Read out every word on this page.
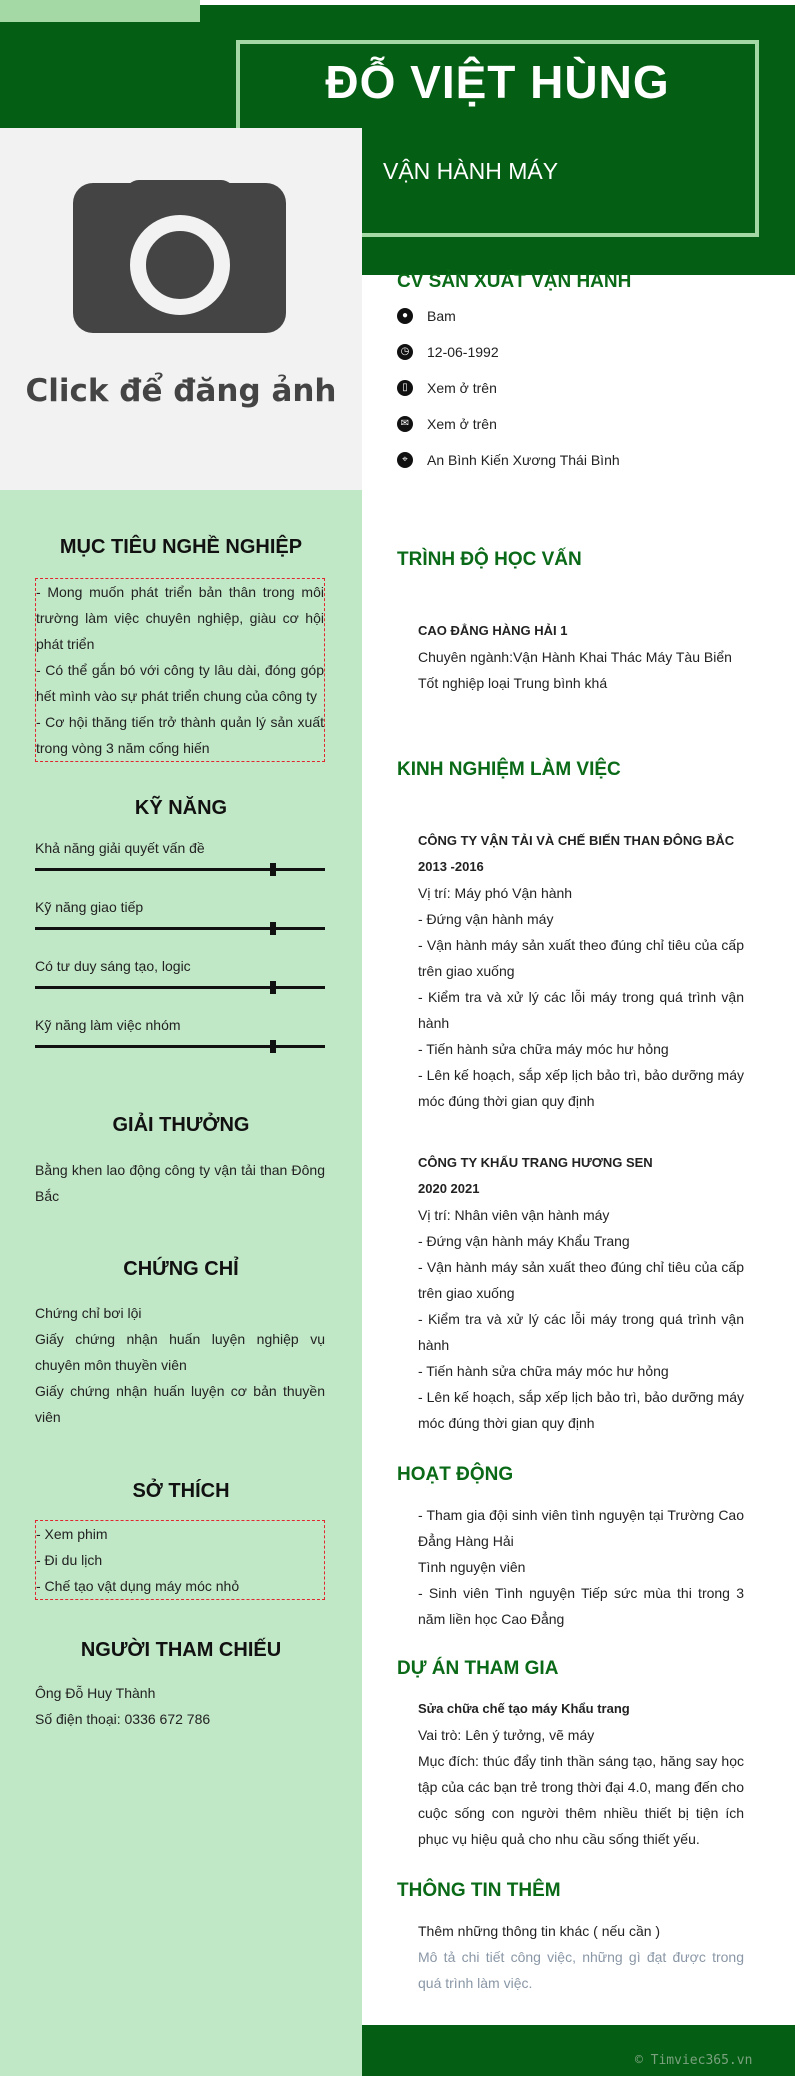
ĐỖ VIỆT HÙNG
VẬN HÀNH MÁY
Click để đăng ảnh
MỤC TIÊU NGHỀ NGHIỆP
- Mong muốn phát triển bản thân trong môi trường làm việc chuyên nghiệp, giàu cơ hội phát triển
- Có thể gắn bó với công ty lâu dài, đóng góp hết mình vào sự phát triển chung của công ty
- Cơ hội thăng tiến trở thành quản lý sản xuất trong vòng 3 năm cống hiến
KỸ NĂNG
Khả năng giải quyết vấn đề
Kỹ năng giao tiếp
Có tư duy sáng tạo, logic
Kỹ năng làm việc nhóm
GIẢI THƯỞNG
Bằng khen lao động công ty vận tải than Đông Bắc
CHỨNG CHỈ
Chứng chỉ bơi lội
Giấy chứng nhận huấn luyện nghiệp vụ chuyên môn thuyền viên
Giấy chứng nhận huấn luyện cơ bản thuyền viên
SỞ THÍCH
- Xem phim
- Đi du lịch
- Chế tạo vật dụng máy móc nhỏ
NGƯỜI THAM CHIẾU
Ông Đỗ Huy Thành
Số điện thoại: 0336 672 786
CV SẢN XUẤT VẬN HÀNH
●	Bam
◷ 12-06-1992
▯	Xem ở trên
✉ Xem ở trên
⌖	An Bình Kiến Xương Thái Bình
TRÌNH ĐỘ HỌC VẤN
CAO ĐẲNG HÀNG HẢI 1
Chuyên ngành:Vận Hành Khai Thác Máy Tàu Biển
Tốt nghiệp loại Trung bình khá
KINH NGHIỆM LÀM VIỆC
CÔNG TY VẬN TẢI VÀ CHẾ BIẾN THAN ĐÔNG BẮC
2013 -2016
Vị trí: Máy phó Vận hành
- Đứng vận hành máy
- Vận hành máy sản xuất theo đúng chỉ tiêu của cấp trên giao xuống
- Kiểm tra và xử lý các lỗi máy trong quá trình vận hành
- Tiến hành sửa chữa máy móc hư hỏng
- Lên kế hoạch, sắp xếp lịch bảo trì, bảo dưỡng máy móc đúng thời gian quy định
CÔNG TY KHẨU TRANG HƯƠNG SEN
2020 2021
Vị trí: Nhân viên vận hành máy
- Đứng vận hành máy Khẩu Trang
- Vận hành máy sản xuất theo đúng chỉ tiêu của cấp trên giao xuống
- Kiểm tra và xử lý các lỗi máy trong quá trình vận hành
- Tiến hành sửa chữa máy móc hư hỏng
- Lên kế hoạch, sắp xếp lịch bảo trì, bảo dưỡng máy móc đúng thời gian quy định
HOẠT ĐỘNG
- Tham gia đội sinh viên tình nguyện tại Trường Cao Đẳng Hàng Hải
Tình nguyện viên
- Sinh viên Tình nguyện Tiếp sức mùa thi trong 3 năm liền học Cao Đẳng
DỰ ÁN THAM GIA
Sửa chữa chế tạo máy Khẩu trang
Vai trò: Lên ý tưởng, vẽ máy
Mục đích: thúc đẩy tinh thần sáng tạo, hăng say học tập của các bạn trẻ trong thời đại 4.0, mang đến cho cuộc sống con người thêm nhiều thiết bị tiện ích phục vụ hiệu quả cho nhu cầu sống thiết yếu.
THÔNG TIN THÊM
Thêm những thông tin khác ( nếu cần )
Mô tả chi tiết công việc, những gì đạt được trong quá trình làm việc.
© Timviec365.vn
